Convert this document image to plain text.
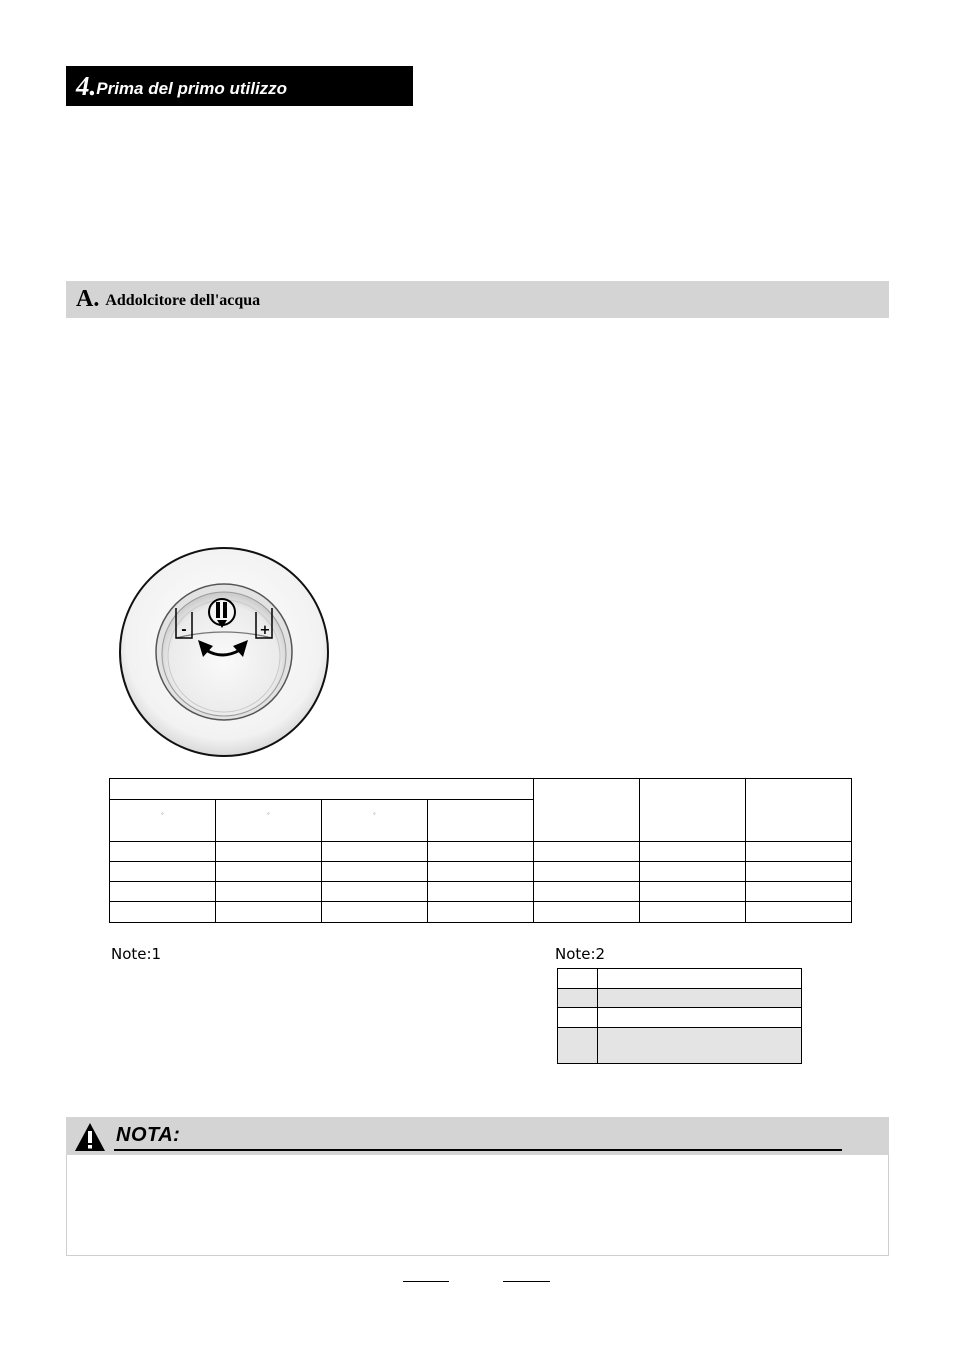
4. Prima del primo utilizzo
A. Addolcitore dell'acqua
-	+

°	°	°	

Note:1	Note:2

NOTA:
